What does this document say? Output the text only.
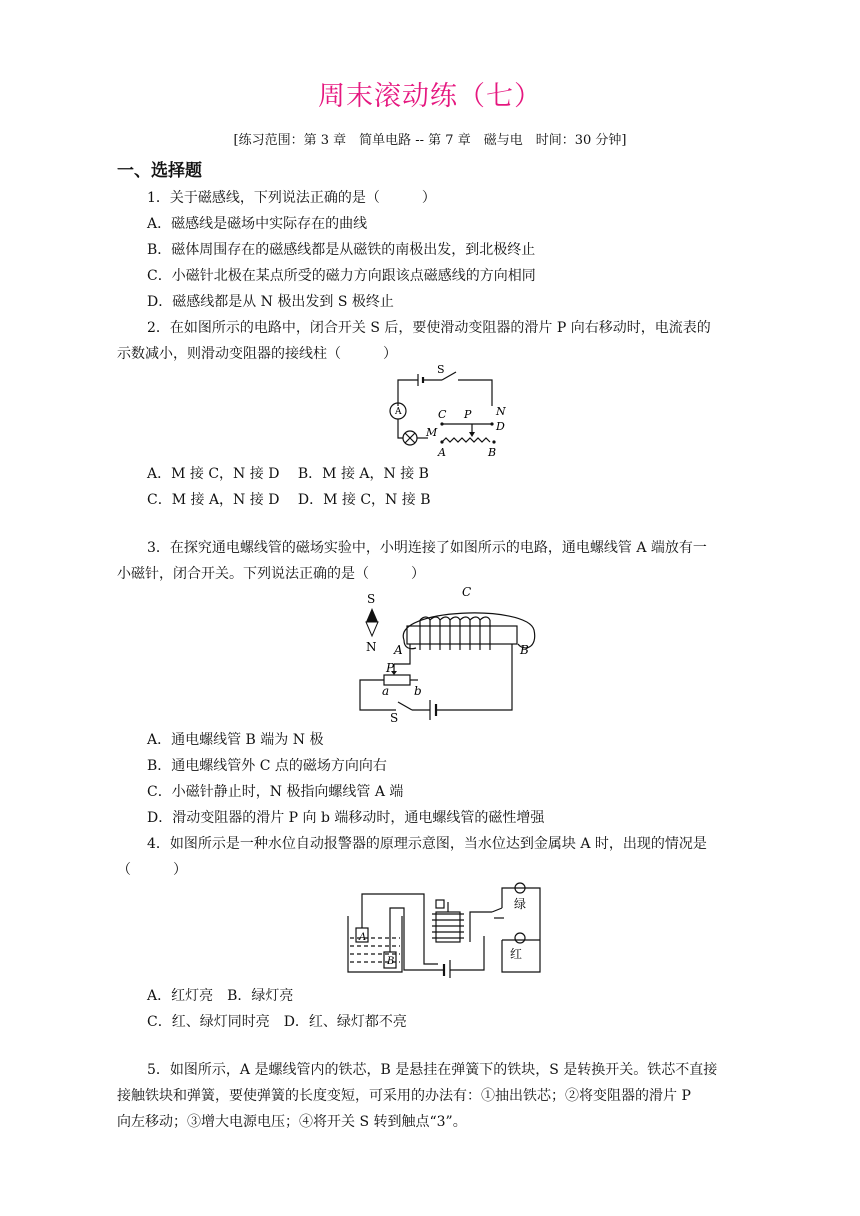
周末滚动练（七）
[练习范围：第 3 章　简单电路 -- 第 7 章　磁与电　时间：30 分钟]
一、选择题
1．关于磁感线，下列说法正确的是（　　　）
A．磁感线是磁场中实际存在的曲线
B．磁体周围存在的磁感线都是从磁铁的南极出发，到北极终止
C．小磁针北极在某点所受的磁力方向跟该点磁感线的方向相同
D．磁感线都是从 N 极出发到 S 极终止
2．在如图所示的电路中，闭合开关 S 后，要使滑动变阻器的滑片 P 向右移动时，电流表的
示数减小，则滑动变阻器的接线柱（　　　）
S
A	C P N
D
M
A	B
A．M 接 C，N 接 D　 B．M 接 A，N 接 B
C．M 接 A，N 接 D　 D．M 接 C，N 接 B
3．在探究通电螺线管的磁场实验中，小明连接了如图所示的电路，通电螺线管 A 端放有一
小磁针，闭合开关。下列说法正确的是（　　　）
S
N
C
A	B
P
a b
S
A．通电螺线管 B 端为 N 极
B．通电螺线管外 C 点的磁场方向向右
C．小磁针静止时，N 极指向螺线管 A 端
D．滑动变阻器的滑片 P 向 b 端移动时，通电螺线管的磁性增强
4．如图所示是一种水位自动报警器的原理示意图，当水位达到金属块 A 时，出现的情况是
（　　　）
A
B
绿
红
A．红灯亮　B．绿灯亮
C．红、绿灯同时亮　D．红、绿灯都不亮
5．如图所示，A 是螺线管内的铁芯，B 是悬挂在弹簧下的铁块，S 是转换开关。铁芯不直接
接触铁块和弹簧，要使弹簧的长度变短，可采用的办法有：①抽出铁芯；②将变阻器的滑片 P
向左移动；③增大电源电压；④将开关 S 转到触点“3”。
